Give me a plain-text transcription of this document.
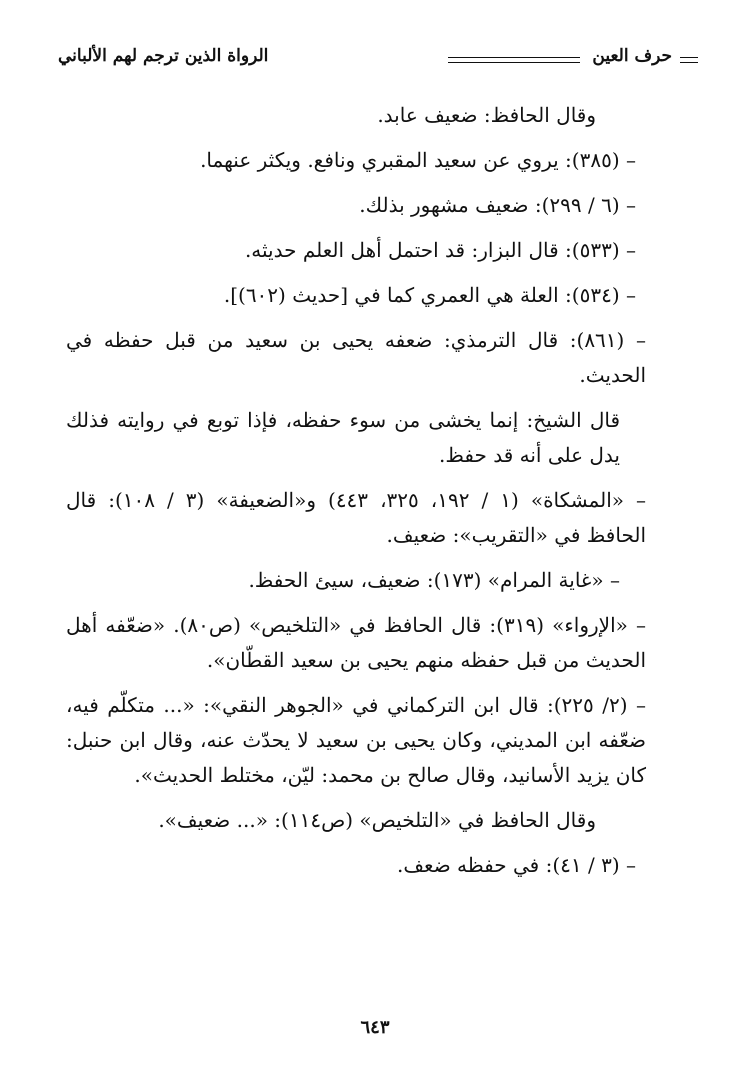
حرف العين
الرواة الذين ترجم لهم الألباني

وقال الحافظ: ضعيف عابد.

– (٣٨٥): يروي عن سعيد المقبري ونافع. ويكثر عنهما.

– (٦ / ٢٩٩): ضعيف مشهور بذلك.

– (٥٣٣): قال البزار: قد احتمل أهل العلم حديثه.

– (٥٣٤): العلة هي العمري كما في [حديث (٦٠٢)].

– (٨٦١): قال الترمذي: ضعفه يحيى بن سعيد من قبل حفظه في الحديث.

قال الشيخ: إنما يخشى من سوء حفظه، فإذا توبع في روايته فذلك يدل على أنه قد حفظ.

– «المشكاة» (١ / ١٩٢، ٣٢٥، ٤٤٣) و«الضعيفة» (٣ / ١٠٨): قال الحافظ في «التقريب»: ضعيف.

– «غاية المرام» (١٧٣): ضعيف، سيئ الحفظ.

– «الإرواء» (٣١٩): قال الحافظ في «التلخيص» (ص٨٠). «ضعّفه أهل الحديث من قبل حفظه منهم يحيى بن سعيد القطّان».

– (٢/ ٢٢٥): قال ابن التركماني في «الجوهر النقي»: «... متكلّم فيه، ضعّفه ابن المديني، وكان يحيى بن سعيد لا يحدّث عنه، وقال ابن حنبل: كان يزيد الأسانيد، وقال صالح بن محمد: ليّن، مختلط الحديث».

وقال الحافظ في «التلخيص» (ص١١٤): «... ضعيف».

– (٣ / ٤١): في حفظه ضعف.

٦٤٣
